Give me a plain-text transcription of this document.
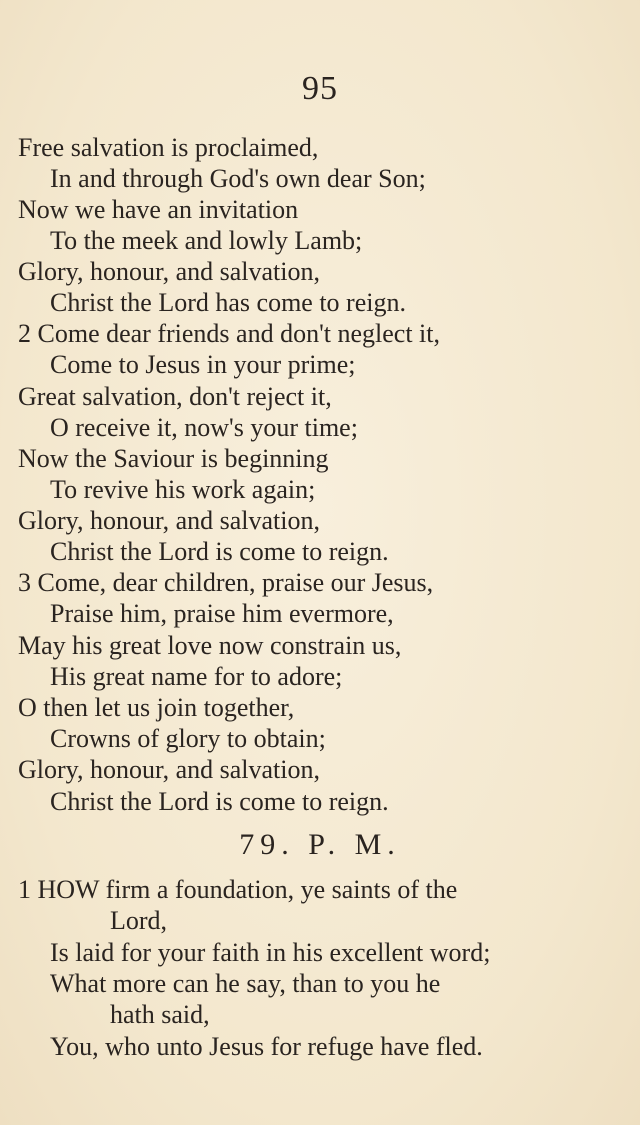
95
Free salvation is proclaimed,
In and through God's own dear Son;
Now we have an invitation
To the meek and lowly Lamb;
Glory, honour, and salvation,
Christ the Lord has come to reign.
2 Come dear friends and don't neglect it,
Come to Jesus in your prime;
Great salvation, don't reject it,
O receive it, now's your time;
Now the Saviour is beginning
To revive his work again;
Glory, honour, and salvation,
Christ the Lord is come to reign.
3 Come, dear children, praise our Jesus,
Praise him, praise him evermore,
May his great love now constrain us,
His great name for to adore;
O then let us join together,
Crowns of glory to obtain;
Glory, honour, and salvation,
Christ the Lord is come to reign.
79. P. M.
1 HOW firm a foundation, ye saints of the
Lord,
Is laid for your faith in his excellent word;
What more can he say, than to you he
hath said,
You, who unto Jesus for refuge have fled.
